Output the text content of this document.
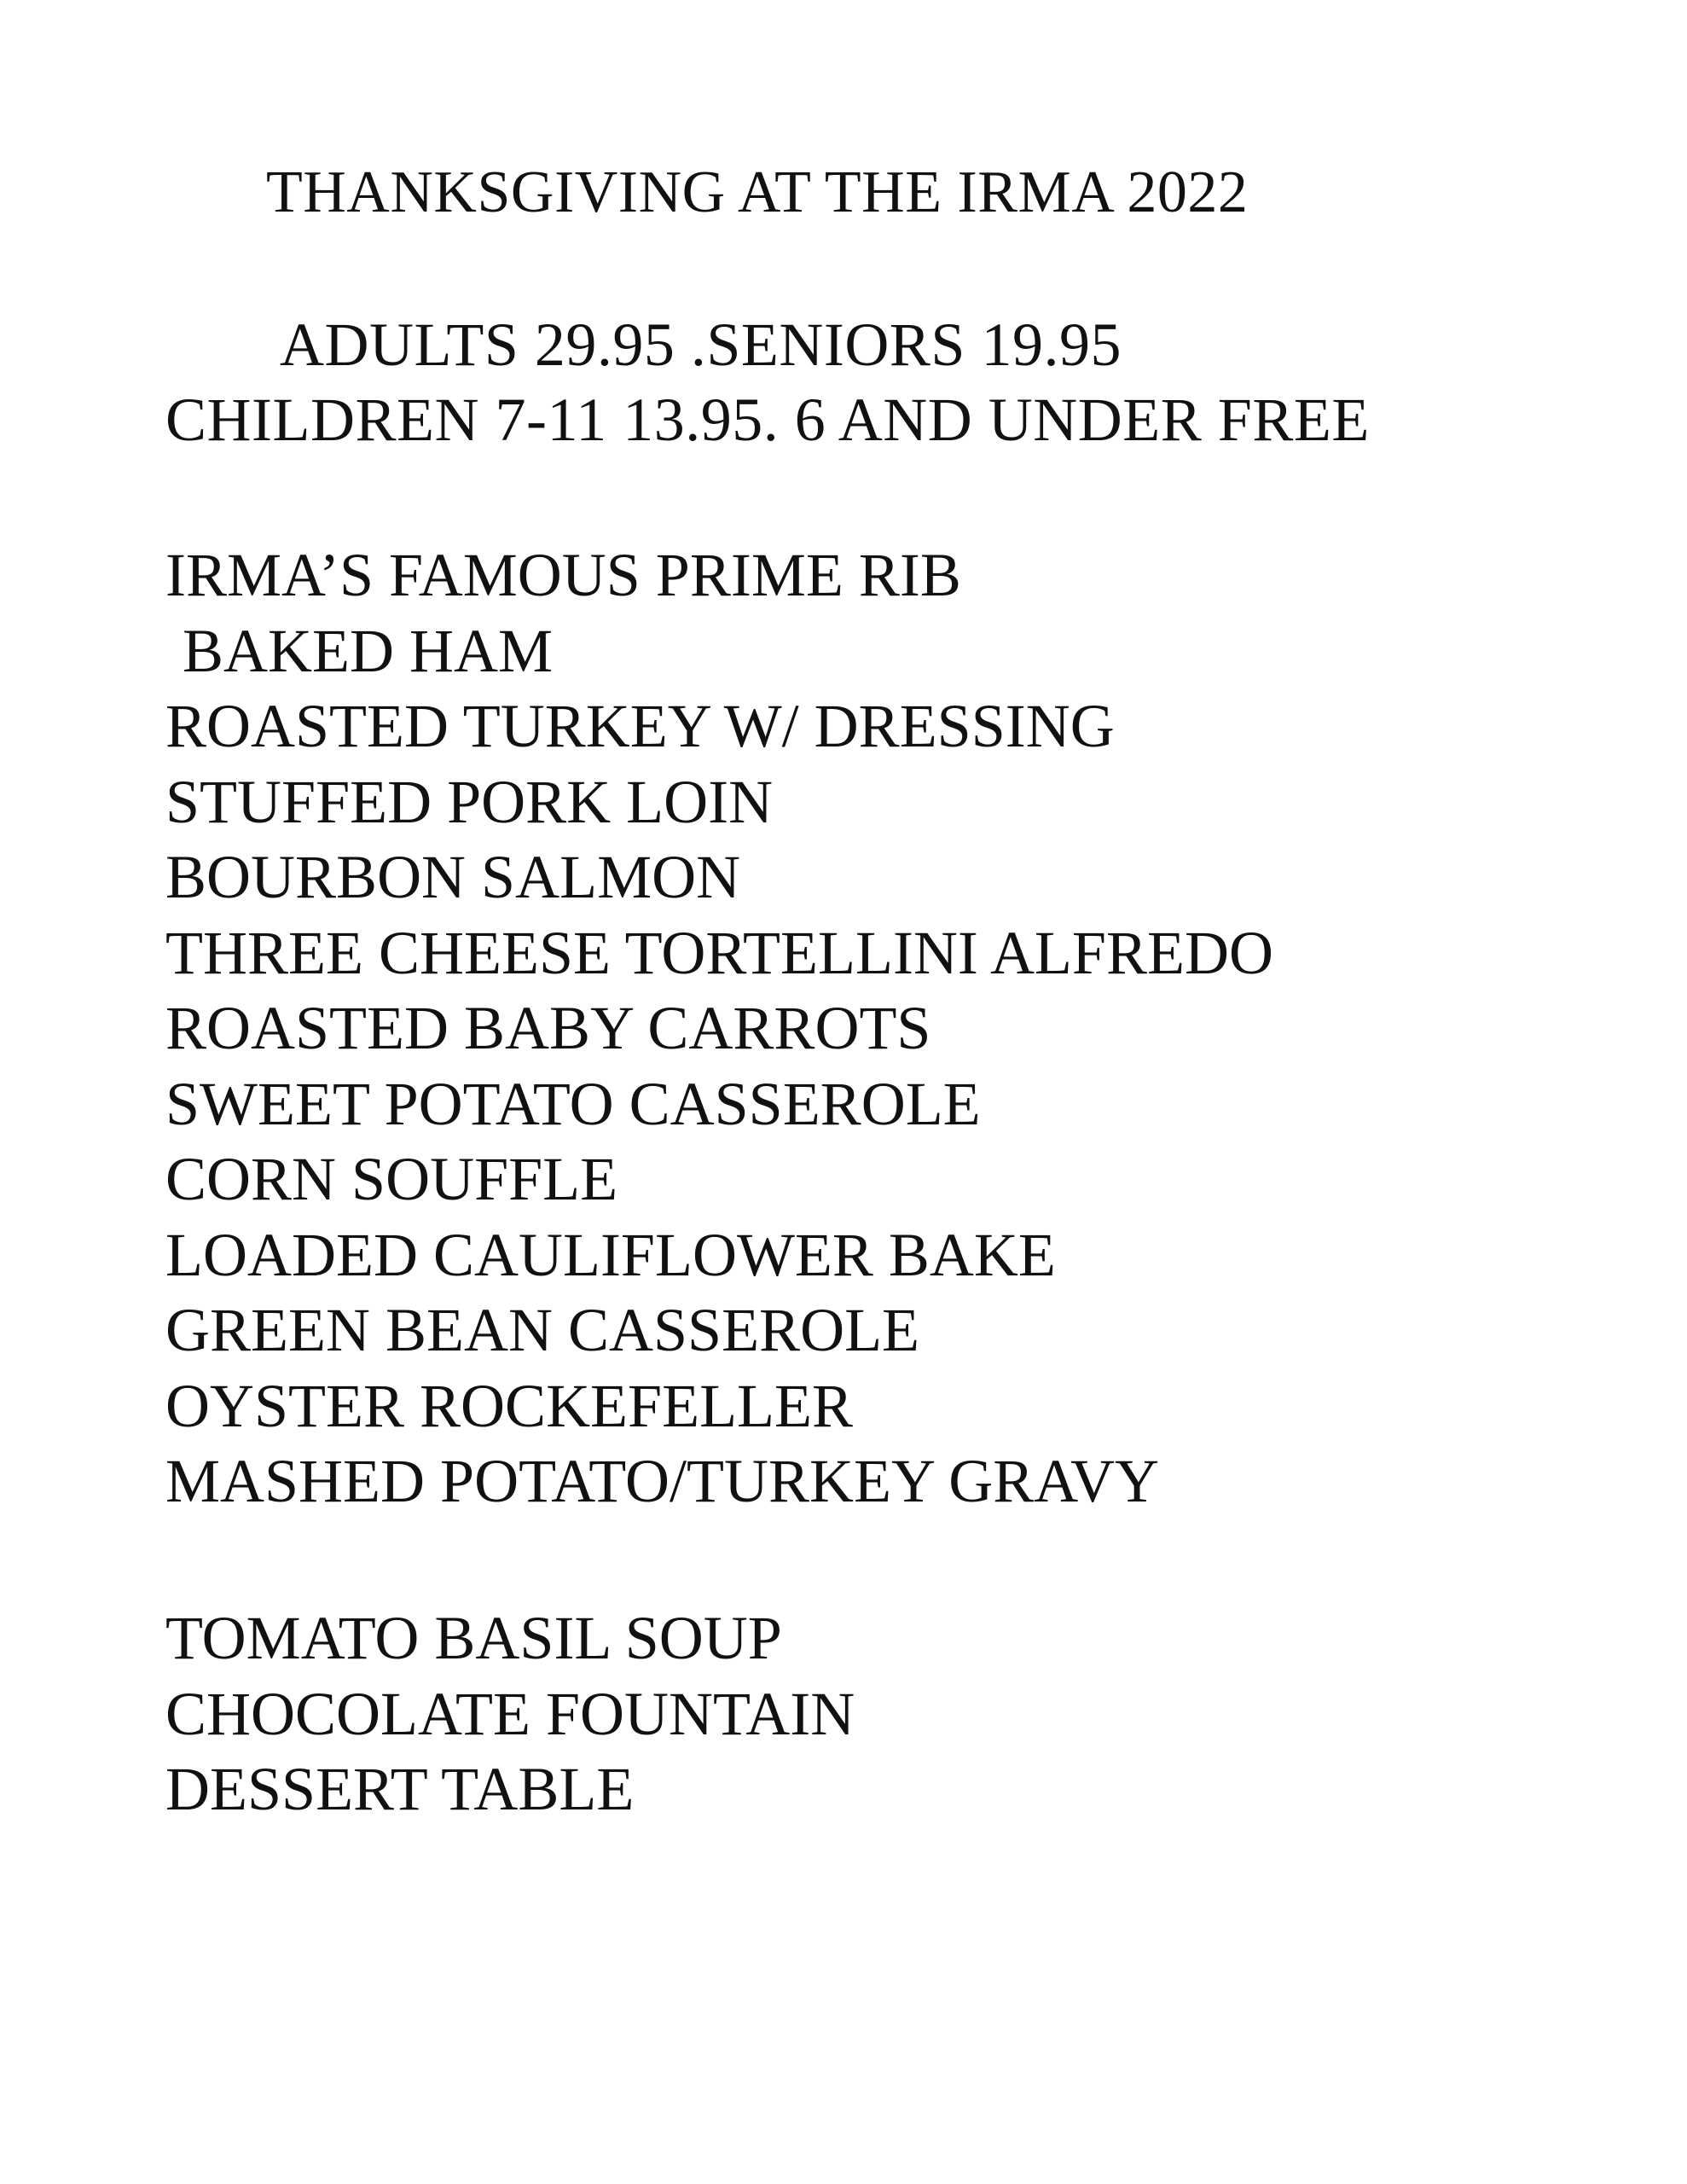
THANKSGIVING AT THE IRMA 2022
ADULTS 29.95 .SENIORS 19.95
CHILDREN 7-11 13.95. 6 AND UNDER FREE
IRMA’S FAMOUS PRIME RIB
BAKED HAM
ROASTED TURKEY W/ DRESSING
STUFFED PORK LOIN
BOURBON SALMON
THREE CHEESE TORTELLINI ALFREDO
ROASTED BABY CARROTS
SWEET POTATO CASSEROLE
CORN SOUFFLE
LOADED CAULIFLOWER BAKE
GREEN BEAN CASSEROLE
OYSTER ROCKEFELLER
MASHED POTATO/TURKEY GRAVY
TOMATO BASIL SOUP
CHOCOLATE FOUNTAIN
DESSERT TABLE
